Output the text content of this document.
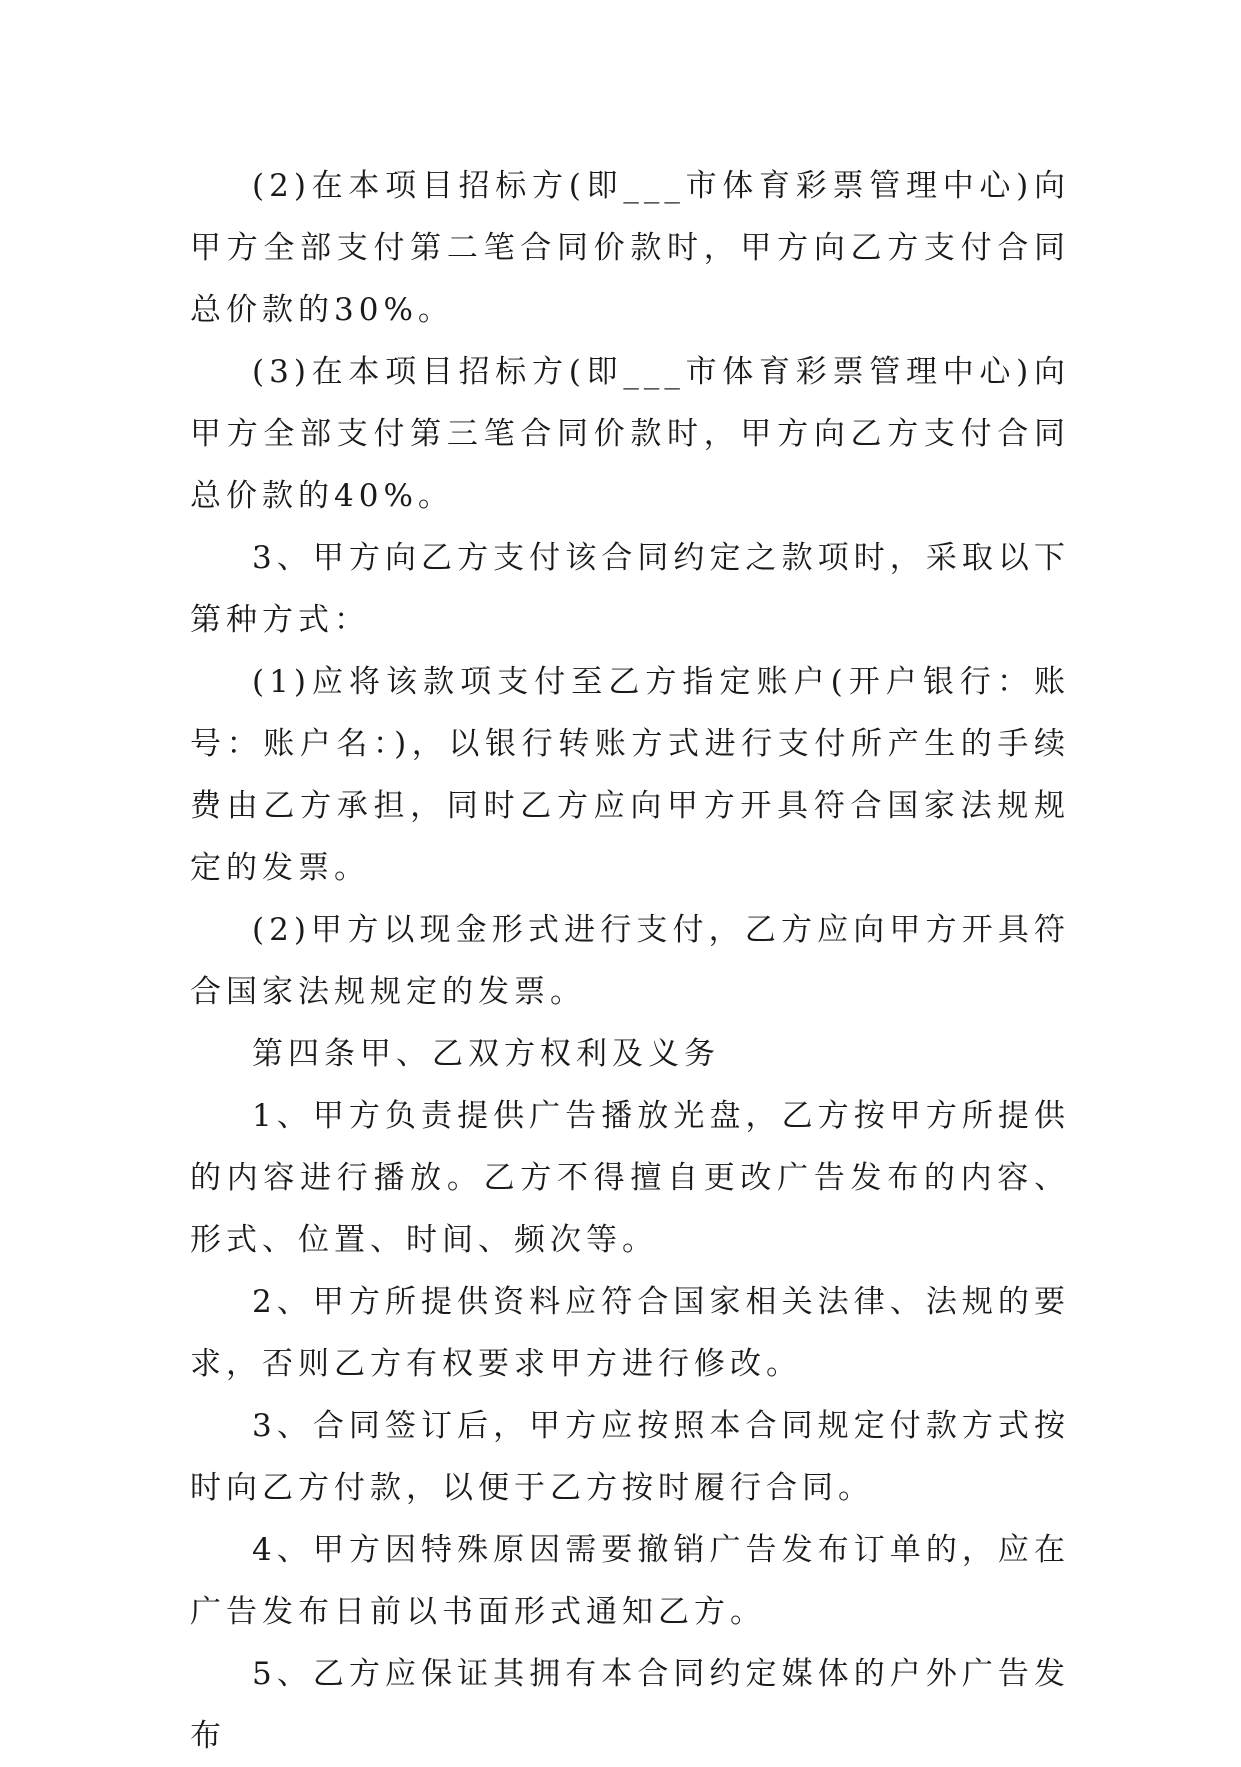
(2)在本项目招标方(即___市体育彩票管理中心)向甲方全部支付第二笔合同价款时，甲方向乙方支付合同总价款的30%。

(3)在本项目招标方(即___市体育彩票管理中心)向甲方全部支付第三笔合同价款时，甲方向乙方支付合同总价款的40%。

3、甲方向乙方支付该合同约定之款项时，采取以下第种方式：

(1)应将该款项支付至乙方指定账户(开户银行：账号：账户名：)，以银行转账方式进行支付所产生的手续费由乙方承担，同时乙方应向甲方开具符合国家法规规定的发票。

(2)甲方以现金形式进行支付，乙方应向甲方开具符合国家法规规定的发票。

第四条甲、乙双方权利及义务

1、甲方负责提供广告播放光盘，乙方按甲方所提供的内容进行播放。乙方不得擅自更改广告发布的内容、形式、位置、时间、频次等。

2、甲方所提供资料应符合国家相关法律、法规的要求，否则乙方有权要求甲方进行修改。

3、合同签订后，甲方应按照本合同规定付款方式按时向乙方付款，以便于乙方按时履行合同。

4、甲方因特殊原因需要撤销广告发布订单的，应在广告发布日前以书面形式通知乙方。

5、乙方应保证其拥有本合同约定媒体的户外广告发布
